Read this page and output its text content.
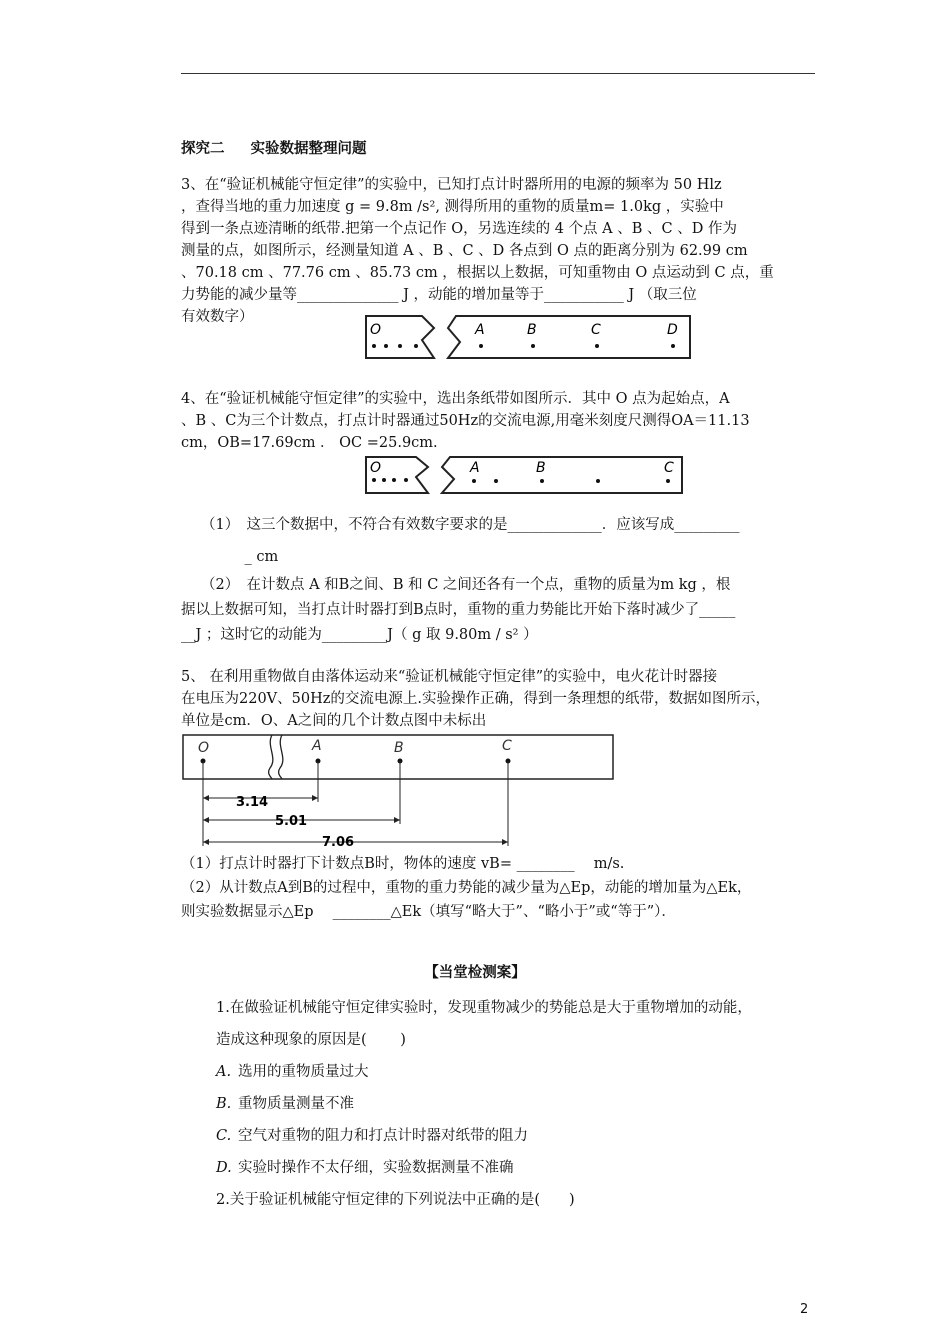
探究二 实验数据整理问题

3、在“验证机械能守恒定律”的实验中，已知打点计时器所用的电源的频率为 50 Hlz

，查得当地的重力加速度 g = 9.8m /s², 测得所用的重物的质量m= 1.0kg ，实验中

得到一条点迹清晰的纸带.把第一个点记作 O，另选连续的 4 个点 A 、B 、C 、D 作为

测量的点，如图所示，经测量知道 A 、B 、C 、D 各点到 O 点的距离分别为 62.99 cm

、70.18 cm 、77.76 cm 、85.73 cm ，根据以上数据，可知重物由 O 点运动到 C 点，重

力势能的减少量等______________ J ，动能的增加量等于___________ J （取三位

有效数字）

O	A	B	C	D

4、在“验证机械能守恒定律”的实验中，选出条纸带如图所示．其中 O 点为起始点，A

、B 、C为三个计数点，打点计时器通过50Hz的交流电源,用毫米刻度尺测得OA＝11.13

cm，OB=17.69cm ． OC =25.9cm.

O	A	B	C

（1）　这三个数据中，不符合有效数字要求的是_____________．应该写成_________

　　　_ cm

（2）　在计数点 A 和B之间、B 和 C 之间还各有一个点，重物的质量为m kg ，根

据以上数据可知，当打点计时器打到B点时，重物的重力势能比开始下落时减少了_____

__J ；这时它的动能为_________J（ g 取 9.80m / s² ）

5、 在利用重物做自由落体运动来“验证机械能守恒定律”的实验中，电火花计时器接

在电压为220V、50Hz的交流电源上.实验操作正确，得到一条理想的纸带，数据如图所示，

单位是cm．O、A之间的几个计数点图中未标出

O	A	B	C
3.14
5.01
7.06

（1）打点计时器打下计数点B时，物体的速度 vB= ________　 m/s.

（2）从计数点A到B的过程中，重物的重力势能的减少量为△Ep，动能的增加量为△Ek，

则实验数据显示△Ep　 ________△Ek（填写“略大于”、“略小于”或“等于”）．

【当堂检测案】

1.在做验证机械能守恒定律实验时，发现重物减少的势能总是大于重物增加的动能，

造成这种现象的原因是(　　 )

A. 选用的重物质量过大

B. 重物质量测量不准

C. 空气对重物的阻力和打点计时器对纸带的阻力

D. 实验时操作不太仔细，实验数据测量不准确

2.关于验证机械能守恒定律的下列说法中正确的是(　　)

2
